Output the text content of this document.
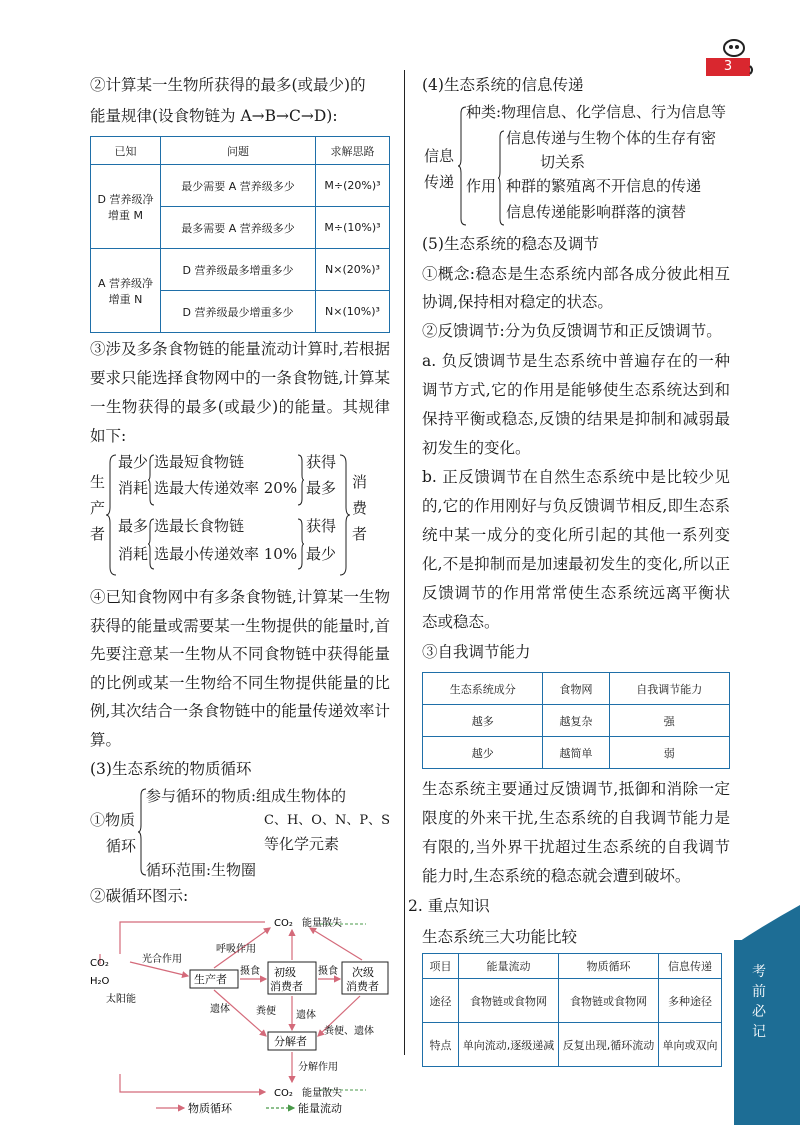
3

②计算某一生物所获得的最多(或最少)的

能量规律(设食物链为 A→B→C→D):

已知	问题	求解思路
D 营养级净增重 M	最少需要 A 营养级多少	M÷(20%)³
	最多需要 A 营养级多少	M÷(10%)³
A 营养级净增重 N	D 营养级最多增重多少	N×(20%)³
	D 营养级最少增重多少	N×(10%)³

③涉及多条食物链的能量流动计算时,若根据要求只能选择食物网中的一条食物链,计算某一生物获得的最多(或最少)的能量。其规律如下:

生
产
者
最少
消耗
选最短食物链
选最大传递效率 20%
获得
最多
最多
消耗
选最长食物链
选最小传递效率 10%
获得
最少
消
费
者

④已知食物网中有多条食物链,计算某一生物获得的能量或需要某一生物提供的能量时,首先要注意某一生物从不同食物链中获得能量的比例或某一生物给不同生物提供能量的比例,其次结合一条食物链中的能量传递效率计算。

(3)生态系统的物质循环

①物质
循环
参与循环的物质:组成生物体的
C、H、O、N、P、S
等化学元素
循环范围:生物圈

②碳循环图示:

生产者
初级
消费者
次级
消费者
分解者
CO₂ 能量散失
CO₂
H₂O
太阳能
光合作用
呼吸作用
摄食	摄食
遗体	粪便 遗体
粪便、遗体
分解作用
CO₂ 能量散失
物质循环	能量流动

(4)生态系统的信息传递

信息
传递
种类:物理信息、化学信息、行为信息等
作用
信息传递与生物个体的生存有密
切关系
种群的繁殖离不开信息的传递
信息传递能影响群落的演替

(5)生态系统的稳态及调节

①概念:稳态是生态系统内部各成分彼此相互协调,保持相对稳定的状态。

②反馈调节:分为负反馈调节和正反馈调节。

a. 负反馈调节是生态系统中普遍存在的一种调节方式,它的作用是能够使生态系统达到和保持平衡或稳态,反馈的结果是抑制和减弱最初发生的变化。

b. 正反馈调节在自然生态系统中是比较少见的,它的作用刚好与负反馈调节相反,即生态系统中某一成分的变化所引起的其他一系列变化,不是抑制而是加速最初发生的变化,所以正反馈调节的作用常常使生态系统远离平衡状态或稳态。

③自我调节能力

生态系统成分	食物网	自我调节能力
越多	越复杂	强
越少	越简单	弱

生态系统主要通过反馈调节,抵御和消除一定限度的外来干扰,生态系统的自我调节能力是有限的,当外界干扰超过生态系统的自我调节能力时,生态系统的稳态就会遭到破坏。

2. 重点知识

生态系统三大功能比较

项目	能量流动	物质循环	信息传递
途径	食物链或食物网	食物链或食物网	多种途径
特点	单向流动,逐级递减	反复出现,循环流动	单向或双向
考前必记
